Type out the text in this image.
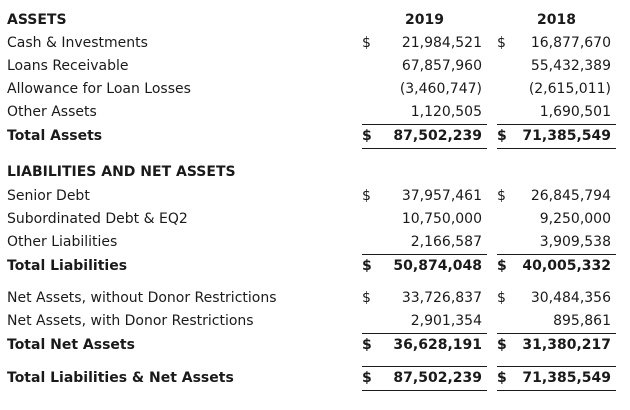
ASSETS	2019	2018
Cash & Investments	$ 21,984,521 $ 16,877,670
Loans Receivable	67,857,960	55,432,389
Allowance for Loan Losses	(3,460,747)	(2,615,011)
Other Assets	1,120,505	1,690,501
Total Assets	$ 87,502,239 $ 71,385,549
LIABILITIES AND NET ASSETS
Senior Debt	$ 37,957,461 $ 26,845,794
Subordinated Debt & EQ2	10,750,000	9,250,000
Other Liabilities	2,166,587	3,909,538
Total Liabilities	$ 50,874,048 $ 40,005,332
Net Assets, without Donor Restrictions	$ 33,726,837 $ 30,484,356
Net Assets, with Donor Restrictions	2,901,354	895,861
Total Net Assets	$ 36,628,191 $ 31,380,217
Total Liabilities & Net Assets	$ 87,502,239 $ 71,385,549
